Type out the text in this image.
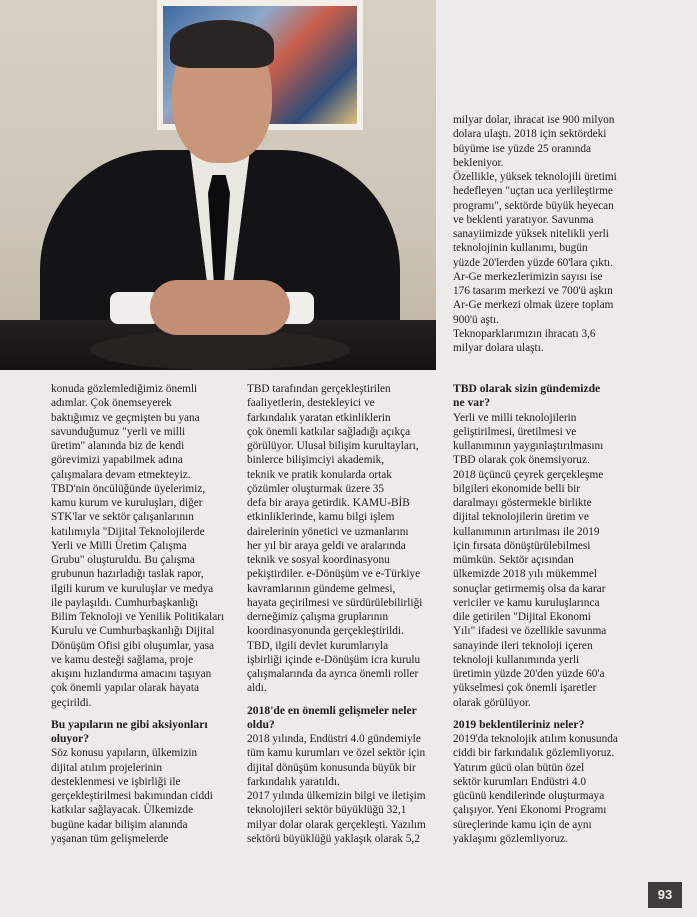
milyar dolar, ihracat ise 900 milyon
dolara ulaştı. 2018 için sektördeki
büyüme ise yüzde 25 oranında
bekleniyor.
Özellikle, yüksek teknolojili üretimi
hedefleyen "uçtan uca yerlileştirme
programı", sektörde büyük heyecan
ve beklenti yaratıyor. Savunma
sanayiimizde yüksek nitelikli yerli
teknolojinin kullanımı, bugün
yüzde 20'lerden yüzde 60'lara çıktı.
Ar-Ge merkezlerimizin sayısı ise
176 tasarım merkezi ve 700'ü aşkın
Ar-Ge merkezi olmak üzere toplam
900'ü aştı.
Teknoparklarımızın ihracatı 3,6
milyar dolara ulaştı.

konuda gözlemlediğimiz önemli
adımlar. Çok önemseyerek
baktığımız ve geçmişten bu yana
savunduğumuz "yerli ve milli
üretim" alanında biz de kendi
görevimizi yapabilmek adına
çalışmalara devam etmekteyiz.
TBD'nin öncülüğünde üyelerimiz,
kamu kurum ve kuruluşları, diğer
STK'lar ve sektör çalışanlarının
katılımıyla "Dijital Teknolojilerde
Yerli ve Milli Üretim Çalışma
Grubu" oluşturuldu. Bu çalışma
grubunun hazırladığı taslak rapor,
ilgili kurum ve kuruluşlar ve medya
ile paylaşıldı. Cumhurbaşkanlığı
Bilim Teknoloji ve Yenilik Politikaları
Kurulu ve Cumhurbaşkanlığı Dijital
Dönüşüm Ofisi gibi oluşumlar, yasa
ve kamu desteği sağlama, proje
akışını hızlandırma amacını taşıyan
çok önemli yapılar olarak hayata
geçirildi.

Bu yapıların ne gibi aksiyonları
oluyor?

Söz konusu yapıların, ülkemizin
dijital atılım projelerinin
desteklenmesi ve işbirliği ile
gerçekleştirilmesi bakımından ciddi
katkılar sağlayacak. Ülkemizde
bugüne kadar bilişim alanında
yaşanan tüm gelişmelerde

TBD tarafından gerçekleştirilen
faaliyetlerin, destekleyici ve
farkındalık yaratan etkinliklerin
çok önemli katkılar sağladığı açıkça
görülüyor. Ulusal bilişim kurultayları,
binlerce bilişimciyi akademik,
teknik ve pratik konularda ortak
çözümler oluşturmak üzere 35
defa bir araya getirdik. KAMU-BİB
etkinliklerinde, kamu bilgi işlem
dairelerinin yönetici ve uzmanlarını
her yıl bir araya geldi ve aralarında
teknik ve sosyal koordinasyonu
pekiştirdiler. e-Dönüşüm ve e-Türkiye
kavramlarının gündeme gelmesi,
hayata geçirilmesi ve sürdürülebilirliği
derneğimiz çalışma gruplarının
koordinasyonunda gerçekleştirildi.
TBD, ilgili devlet kurumlarıyla
işbirliği içinde e-Dönüşüm icra kurulu
çalışmalarında da ayrıca önemli roller
aldı.

2018'de en önemli gelişmeler neler
oldu?

2018 yılında, Endüstri 4.0 gündemiyle
tüm kamu kurumları ve özel sektör için
dijital dönüşüm konusunda büyük bir
farkındalık yaratıldı.
2017 yılında ülkemizin bilgi ve iletişim
teknolojileri sektör büyüklüğü 32,1
milyar dolar olarak gerçekleşti. Yazılım
sektörü büyüklüğü yaklaşık olarak 5,2

TBD olarak sizin gündemizde
ne var?

Yerli ve milli teknolojilerin
geliştirilmesi, üretilmesi ve
kullanımının yaygınlaştırılmasını
TBD olarak çok önemsiyoruz.
2018 üçüncü çeyrek gerçekleşme
bilgileri ekonomide belli bir
daralmayı göstermekle birlikte
dijital teknolojilerin üretim ve
kullanımının artırılması ile 2019
için fırsata dönüştürülebilmesi
mümkün. Sektör açısından
ülkemizde 2018 yılı mükemmel
sonuçlar getirmemiş olsa da karar
vericiler ve kamu kuruluşlarınca
dile getirilen "Dijital Ekonomi
Yılı" ifadesi ve özellikle savunma
sanayinde ileri teknoloji içeren
teknoloji kullanımında yerli
üretimin yüzde 20'den yüzde 60'a
yükselmesi çok önemli işaretler
olarak görülüyor.

2019 beklentileriniz neler?

2019'da teknolojik atılım konusunda
ciddi bir farkındalık gözlemliyoruz.
Yatırım gücü olan bütün özel
sektör kurumları Endüstri 4.0
gücünü kendilerinde oluşturmaya
çalışıyor. Yeni Ekonomi Programı
süreçlerinde kamu için de aynı
yaklaşımı gözlemliyoruz.

93
